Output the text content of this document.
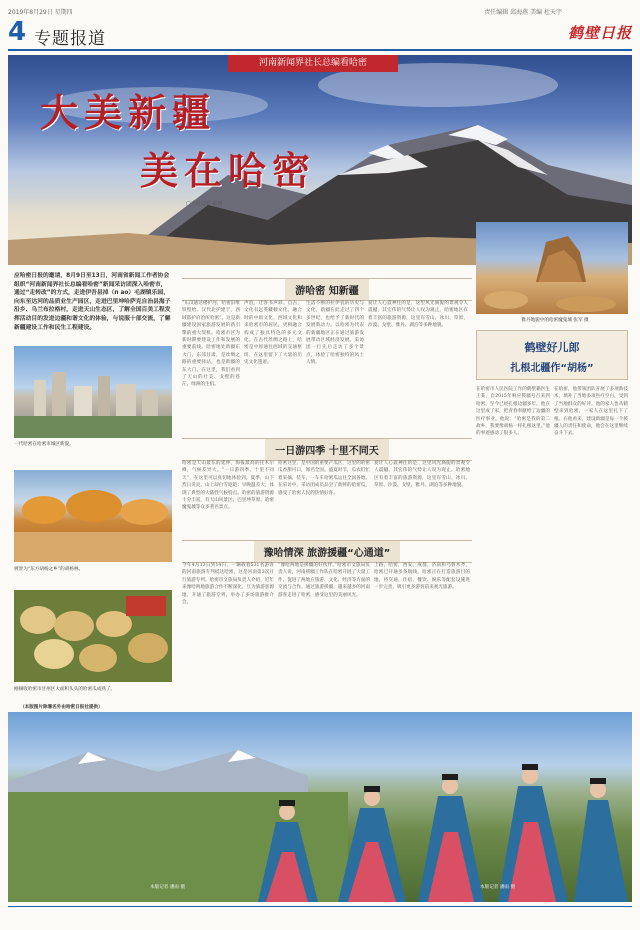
2019年8月29日 星期四	责任编辑 邱海燕 美编 杜天宇
鹤壁日报
4 专题报道
河南新闻界社长总编看哈密
大美新疆
美在哈密
□本报记者 靳朝
雅丹地貌中的哈密魔鬼城 张军 摄
应哈密日报的邀请，8月9日至13日，河南省新闻工作者协会组织“河南新闻界社长总编看哈密”新闻采访团深入哈密市，通过“走转改”的方式，走进伊吾县淖（n ao）毛湖镇乐园，向东至达河的品质业生产园区，走进巴里坤哈萨克自治县海子沿乡、乌兰布拉格村，走进天山生态区，了解全国百美工程发挥活动目的发进边疆和谐文化的体验，与说服十部交流，了解新疆建设工作和民生工程建设。
游哈密 知新疆
“东汉通达楼护河，哈密旧维铁壁给、汉代北护建于，西域都护府治所哈密”。这是新疆建设国家旅游发展的新引擎的重大契机。哈密市区为新时期要建设工作和发展的重要前线。哈密地处新疆东大门，东邻甘肃，是丝绸之路的重要驿站，也是新疆的东大门。在这里，我们看到了天山的壮美、戈壁的苍茫、绿洲的生机。
声浪，迁客书声彩。自古，文化有远英藏顿文化，融合时的中原文化，西域文化和来哈密市的居民，更相融合构成了独具特色的多元文化。在古代丝绸之路上，哈密是中原通往西域的交通枢纽，在这里留下了大量的历史文化遗迹。
生活不断的拉伊犹的历史与文化，新疆在此走过了四个多世纪，也给予了新时代的发展新动力。以哈密为代表的新疆地区正在通过旅游发展带动区域经济发展。采访团一行先后走访了多个景点，体验了哈密独特的风土人情。
爱让人心震神往的是，这里风光旖旎的景观令人震撼，其宏伟的气势让人叹为观止。哈密地区有着丰富的旅游资源，这里有雪山、冰川、草原、沙漠、戈壁、雅丹、湖泊等多种地貌。
鹤壁好儿郎
扎根北疆作“胡杨”
在哈密市人民医院工作的鹤壁籍医生王某，自2015年响应援疆号召来到哈密，至今已经扎根边疆多年。他在这里成了家，把青春奉献给了边疆的医疗事业。他说：“哈密是我的第二故乡，我要像胡杨一样扎根这里。”他的事迹感动了很多人。
在哈密，他带领团队开展了多项新技术，填补了当地多项医疗空白，受到了当地群众的好评。他的家人也从鹤壁来到哈密，一家人在这里扎下了根。在他看来，建设新疆是每一个援疆人的责任和使命，他会在这里继续奋斗下去。
一代哈密在哈密市城区新貌。
被誉为“东方胡杨之乡”的胡杨林。
刚摘收哈密市甘州区大面积头头的哈密瓜成熟了。
（本版图片除署名外由哈密日报社提供）
一日游四季 十里不同天
哈密是天山最东的延伸，海拔最高的托木尔峰，气候差异大。“一日游四季、十里不同天”，在这里可以真切地体验到。夏季，山下烈日炎炎，山上却白雪皑皑；早晚温差大，体现了典型的大陆性气候特点。哈密的旅游资源十分丰富，有天山风景区、巴里坤草原、哈密魔鬼城等众多著名景点。
哈密这里，是中国的重要产瓜区，这里的哈密瓜香甜可口，闻名全国。盛夏时节，瓜农们忙着采摘、装车，一车车哈密瓜运往全国各地。在采访中，采访团成员品尝了新鲜的哈密瓜，感受了哈密人民的热情好客。
爱让人心震神往的是，这里风光旖旎的景观令人震撼，其宏伟的气势让人叹为观止。哈密地区有着丰富的旅游资源，这里有雪山、冰川、草原、沙漠、戈壁、雅丹、湖泊等多种地貌。
豫哈情深 旅游援疆“心通道”
今年4月13日到14日，一辆载着531名游客的河南旅游专列抵达哈密，这是河南第3次开行旅游专列。哈密市文旅局负责人介绍，近年来豫哈两地旅游合作不断深化，互为旅游客源地，开通了旅游专列，举办了多场旅游推介会。
“豫哈两地是援疆的好伙伴。”哈密市文旅局负责人说，河南援疆工作队在哈密开展了大量工作，促进了两地在旅游、文化、经济等方面的交流与合作。通过旅游援疆，越来越多的河南游客走进了哈密，感受这里的美丽风光。
上路，哈密，西安、成都、济南和乌鲁木齐，哈密已开通多条航线。哈密正在打造旅游目的地，将交通、住宿、餐饮、娱乐等配套设施进一步完善，吸引更多游客前来观光旅游。
本版记者 潘雨 摄	本版记者 潘雨 摄
